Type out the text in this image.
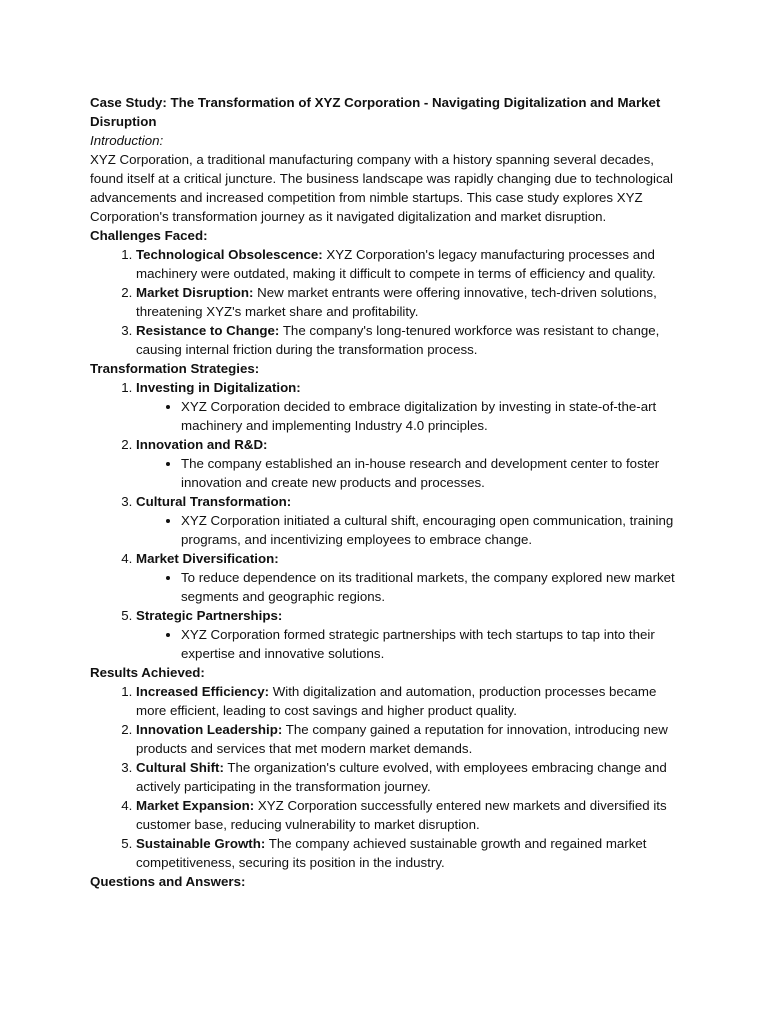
Case Study: The Transformation of XYZ Corporation - Navigating Digitalization and Market Disruption

Introduction:

XYZ Corporation, a traditional manufacturing company with a history spanning several decades, found itself at a critical juncture. The business landscape was rapidly changing due to technological advancements and increased competition from nimble startups. This case study explores XYZ Corporation's transformation journey as it navigated digitalization and market disruption.

Challenges Faced:

1. Technological Obsolescence: XYZ Corporation's legacy manufacturing processes and machinery were outdated, making it difficult to compete in terms of efficiency and quality.
2. Market Disruption: New market entrants were offering innovative, tech-driven solutions, threatening XYZ's market share and profitability.
3. Resistance to Change: The company's long-tenured workforce was resistant to change, causing internal friction during the transformation process.

Transformation Strategies:

1. Investing in Digitalization:
• XYZ Corporation decided to embrace digitalization by investing in state-of-the-art machinery and implementing Industry 4.0 principles.
2. Innovation and R&D:
• The company established an in-house research and development center to foster innovation and create new products and processes.
3. Cultural Transformation:
• XYZ Corporation initiated a cultural shift, encouraging open communication, training programs, and incentivizing employees to embrace change.
4. Market Diversification:
• To reduce dependence on its traditional markets, the company explored new market segments and geographic regions.
5. Strategic Partnerships:
• XYZ Corporation formed strategic partnerships with tech startups to tap into their expertise and innovative solutions.

Results Achieved:

1. Increased Efficiency: With digitalization and automation, production processes became more efficient, leading to cost savings and higher product quality.
2. Innovation Leadership: The company gained a reputation for innovation, introducing new products and services that met modern market demands.
3. Cultural Shift: The organization's culture evolved, with employees embracing change and actively participating in the transformation journey.
4. Market Expansion: XYZ Corporation successfully entered new markets and diversified its customer base, reducing vulnerability to market disruption.
5. Sustainable Growth: The company achieved sustainable growth and regained market competitiveness, securing its position in the industry.

Questions and Answers:
